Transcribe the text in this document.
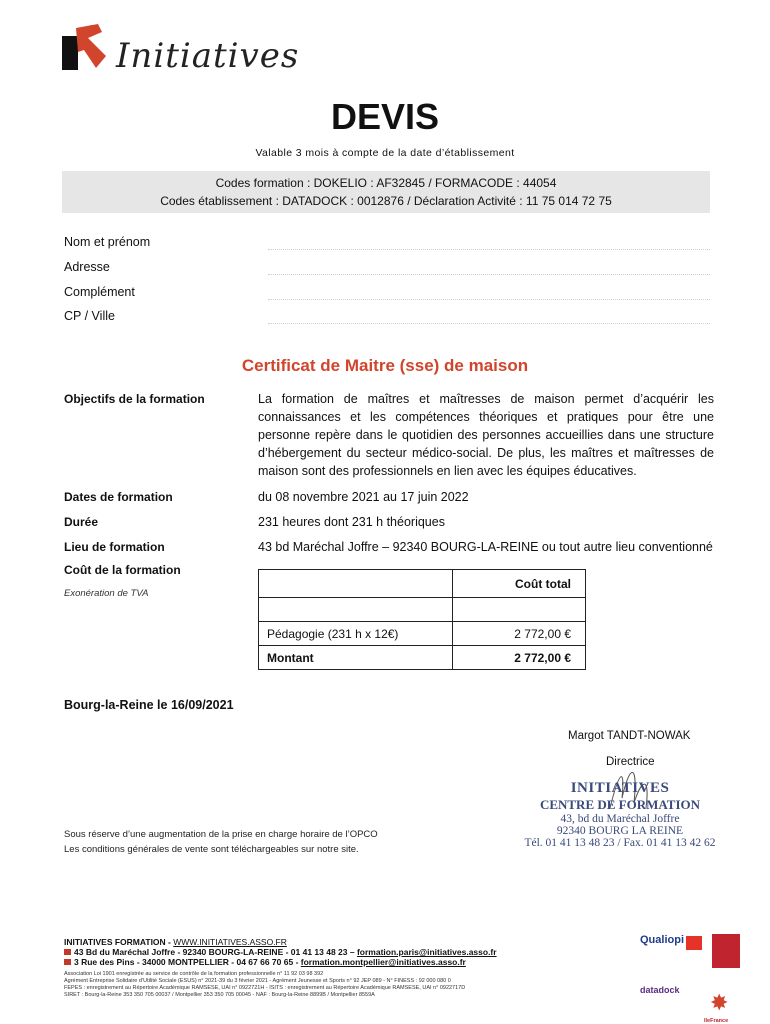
Initiatives
DEVIS
Valable 3 mois à compte de la date d’établissement
Codes formation : DOKELIO : AF32845 / FORMACODE : 44054
Codes établissement : DATADOCK : 0012876 / Déclaration Activité : 11 75 014 72 75
Nom et prénom
Adresse
Complément
CP / Ville
Certificat de Maitre (sse) de maison
Objectifs de la formation	La formation de maîtres et maîtresses de maison permet d’acquérir les connaissances et les compétences théoriques et pratiques pour être une personne repère dans le quotidien des personnes accueillies dans une structure d’hébergement du secteur médico-social. De plus, les maîtres et maîtresses de maison sont des professionnels en lien avec les équipes éducatives.
Dates de formation	du 08 novembre 2021 au 17 juin 2022
Durée	231 heures dont 231 h théoriques
Lieu de formation	43 bd Maréchal Joffre – 92340 BOURG-LA-REINE ou tout autre lieu conventionné
Coût de la formation
Exonération de TVA
	Coût total

Pédagogie (231 h x 12€)	2 772,00 €
Montant	2 772,00 €
Bourg-la-Reine le 16/09/2021
Margot TANDT-NOWAK
Directrice
INITIATIVES
CENTRE DE FORMATION
43, bd du Maréchal Joffre
92340 BOURG LA REINE
Tél. 01 41 13 48 23 / Fax. 01 41 13 42 62
Sous réserve d’une augmentation de la prise en charge horaire de l’OPCO
Les conditions générales de vente sont téléchargeables sur notre site.
INITIATIVES FORMATION - WWW.INITIATIVES.ASSO.FR
43 Bd du Maréchal Joffre - 92340 BOURG-LA-REINE - 01 41 13 48 23 – formation.paris@initiatives.asso.fr
3 Rue des Pins - 34000 MONTPELLIER - 04 67 66 70 65 - formation.montpellier@initiatives.asso.fr
Association Loi 1901 enregistrée au service de contrôle de la formation professionnelle n° 11 92 03 98 392
Agrément Entreprise Solidaire d’Utilité Sociale (ESUS) n° 2021-39 du 3 février 2021 - Agrément Jeunesse et Sports n° 92 JEP 089 - N° FINESS : 92 000 080 0
FEPES : enregistrement au Répertoire Académique RAMSESE, UAI n° 0922721H - ISITS : enregistrement au Répertoire Académique RAMSESE, UAI n° 0922717D
SIRET : Bourg-la-Reine 353 350 705 00037 / Montpellier 353 350 705 00045 - NAF : Bourg-la-Reine 8899B / Montpellier 8559A
Qualiopi
datadock ✸
IleFrance
